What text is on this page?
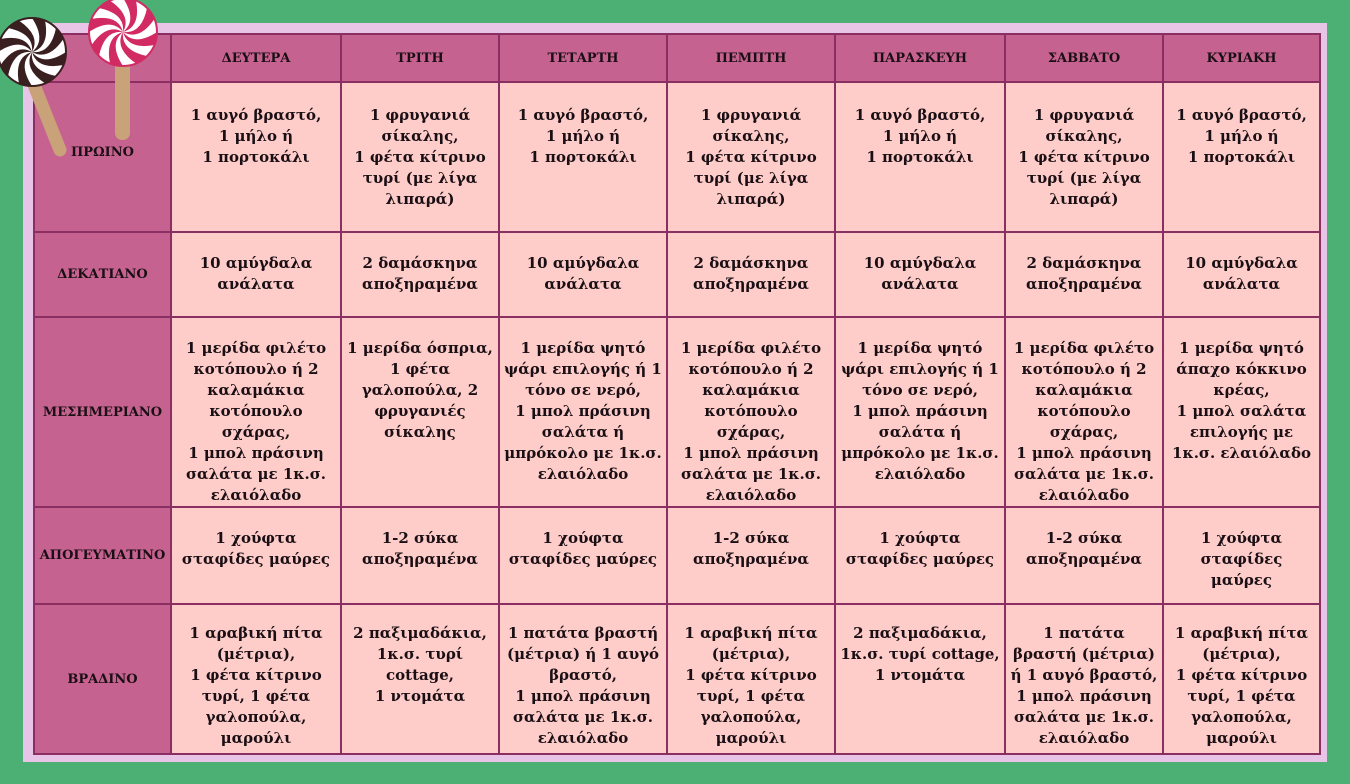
	ΔΕΥΤΕΡΑ	ΤΡΙΤΗ	ΤΕΤΑΡΤΗ	ΠΕΜΠΤΗ	ΠΑΡΑΣΚΕΥΗ	ΣΑΒΒΑΤΟ	ΚΥΡΙΑΚΗ
ΠΡΩΙΝΟ	1 αυγό βραστό,
1 μήλο ή
1 πορτοκάλι	1 φρυγανιά σίκαλης,
1 φέτα κίτρινο τυρί (με λίγα λιπαρά)	1 αυγό βραστό,
1 μήλο ή
1 πορτοκάλι	1 φρυγανιά σίκαλης,
1 φέτα κίτρινο τυρί (με λίγα λιπαρά)	1 αυγό βραστό,
1 μήλο ή
1 πορτοκάλι	1 φρυγανιά σίκαλης,
1 φέτα κίτρινο τυρί (με λίγα λιπαρά)	1 αυγό βραστό,
1 μήλο ή
1 πορτοκάλι
ΔΕΚΑΤΙΑΝΟ	10 αμύγδαλα ανάλατα	2 δαμάσκηνα αποξηραμένα	10 αμύγδαλα ανάλατα	2 δαμάσκηνα αποξηραμένα	10 αμύγδαλα ανάλατα	2 δαμάσκηνα αποξηραμένα	10 αμύγδαλα ανάλατα
ΜΕΣΗΜΕΡΙΑΝΟ	1 μερίδα φιλέτο κοτόπουλο ή 2 καλαμάκια κοτόπουλο σχάρας,
1 μπολ πράσινη σαλάτα με 1κ.σ. ελαιόλαδο	1 μερίδα όσπρια,
1 φέτα γαλοπούλα, 2 φρυγανιές σίκαλης	1 μερίδα ψητό ψάρι επιλογής ή 1 τόνο σε νερό,
1 μπολ πράσινη σαλάτα ή μπρόκολο με 1κ.σ. ελαιόλαδο	1 μερίδα φιλέτο κοτόπουλο ή 2 καλαμάκια κοτόπουλο σχάρας,
1 μπολ πράσινη σαλάτα με 1κ.σ. ελαιόλαδο	1 μερίδα ψητό ψάρι επιλογής ή 1 τόνο σε νερό,
1 μπολ πράσινη σαλάτα ή μπρόκολο με 1κ.σ. ελαιόλαδο	1 μερίδα φιλέτο κοτόπουλο ή 2 καλαμάκια κοτόπουλο σχάρας,
1 μπολ πράσινη σαλάτα με 1κ.σ. ελαιόλαδο	1 μερίδα ψητό άπαχο κόκκινο κρέας,
1 μπολ σαλάτα επιλογής με 1κ.σ. ελαιόλαδο
ΑΠΟΓΕΥΜΑΤΙΝΟ	1 χούφτα σταφίδες μαύρες	1-2 σύκα αποξηραμένα	1 χούφτα σταφίδες μαύρες	1-2 σύκα αποξηραμένα	1 χούφτα σταφίδες μαύρες	1-2 σύκα αποξηραμένα	1 χούφτα σταφίδες μαύρες
ΒΡΑΔΙΝΟ	1 αραβική πίτα (μέτρια),
1 φέτα κίτρινο τυρί, 1 φέτα γαλοπούλα, μαρούλι	2 παξιμαδάκια, 1κ.σ. τυρί cottage,
1 ντομάτα	1 πατάτα βραστή (μέτρια) ή 1 αυγό βραστό,
1 μπολ πράσινη σαλάτα με 1κ.σ. ελαιόλαδο	1 αραβική πίτα (μέτρια),
1 φέτα κίτρινο τυρί, 1 φέτα γαλοπούλα, μαρούλι	2 παξιμαδάκια, 1κ.σ. τυρί cottage,
1 ντομάτα	1 πατάτα βραστή (μέτρια) ή 1 αυγό βραστό,
1 μπολ πράσινη σαλάτα με 1κ.σ. ελαιόλαδο	1 αραβική πίτα (μέτρια),
1 φέτα κίτρινο τυρί, 1 φέτα γαλοπούλα, μαρούλι
